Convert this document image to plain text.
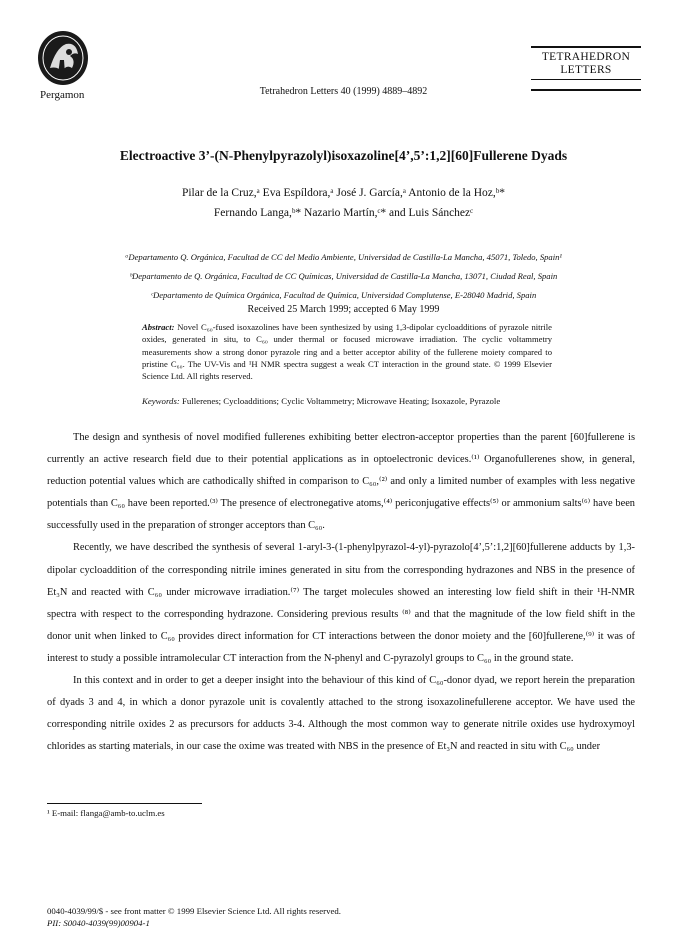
Pergamon	Tetrahedron Letters 40 (1999) 4889–4892
TETRAHEDRON
LETTERS
Electroactive 3’-(N-Phenylpyrazolyl)isoxazoline[4’,5’:1,2][60]Fullerene Dyads
Pilar de la Cruz,ᵃ Eva Espíldora,ᵃ José J. García,ᵃ Antonio de la Hoz,ᵇ*
Fernando Langa,ᵇ* Nazario Martín,ᶜ* and Luis Sánchezᶜ
ᵃDepartamento Q. Orgánica, Facultad de CC del Medio Ambiente, Universidad de Castilla-La Mancha, 45071, Toledo, Spain¹
ᵇDepartamento de Q. Orgánica, Facultad de CC Químicas, Universidad de Castilla-La Mancha, 13071, Ciudad Real, Spain
ᶜDepartamento de Química Orgánica, Facultad de Química, Universidad Complutense, E-28040 Madrid, Spain
Received 25 March 1999; accepted 6 May 1999
Abstract: Novel C₆₀-fused isoxazolines have been synthesized by using 1,3-dipolar cycloadditions of pyrazole nitrile oxides, generated in situ, to C₆₀ under thermal or focused microwave irradiation. The cyclic voltammetry measurements show a strong donor pyrazole ring and a better acceptor ability of the fullerene moiety compared to pristine C₆₀. The UV-Vis and ¹H NMR spectra suggest a weak CT interaction in the ground state. © 1999 Elsevier Science Ltd. All rights reserved.
Keywords: Fullerenes; Cycloadditions; Cyclic Voltammetry; Microwave Heating; Isoxazole, Pyrazole

The design and synthesis of novel modified fullerenes exhibiting better electron-acceptor properties than the parent [60]fullerene is currently an active research field due to their potential applications as in optoelectronic devices.⁽¹⁾ Organofullerenes show, in general, reduction potential values which are cathodically shifted in comparison to C₆₀,⁽²⁾ and only a limited number of examples with less negative potentials than C₆₀ have been reported.⁽³⁾ The presence of electronegative atoms,⁽⁴⁾ periconjugative effects⁽⁵⁾ or ammonium salts⁽⁶⁾ have been successfully used in the preparation of stronger acceptors than C₆₀.

Recently, we have described the synthesis of several 1-aryl-3-(1-phenylpyrazol-4-yl)-pyrazolo[4’,5’:1,2][60]fullerene adducts by 1,3-dipolar cycloaddition of the corresponding nitrile imines generated in situ from the corresponding hydrazones and NBS in the presence of Et₃N and reacted with C₆₀ under microwave irradiation.⁽⁷⁾ The target molecules showed an interesting low field shift in their ¹H-NMR spectra with respect to the corresponding hydrazone. Considering previous results ⁽⁸⁾ and that the magnitude of the low field shift in the donor unit when linked to C₆₀ provides direct information for CT interactions between the donor moiety and the [60]fullerene,⁽⁹⁾ it was of interest to study a possible intramolecular CT interaction from the N-phenyl and C-pyrazolyl groups to C₆₀ in the ground state.

In this context and in order to get a deeper insight into the behaviour of this kind of C₆₀-donor dyad, we report herein the preparation of dyads 3 and 4, in which a donor pyrazole unit is covalently attached to the strong isoxazolinefullerene acceptor. We have used the corresponding nitrile oxides 2 as precursors for adducts 3-4. Although the most common way to generate nitrile oxides use hydroxymoyl chlorides as starting materials, in our case the oxime was treated with NBS in the presence of Et₃N and reacted in situ with C₆₀ under

¹ E-mail: flanga@amb-to.uclm.es
0040-4039/99/$ - see front matter © 1999 Elsevier Science Ltd. All rights reserved.
PII: S0040-4039(99)00904-1
